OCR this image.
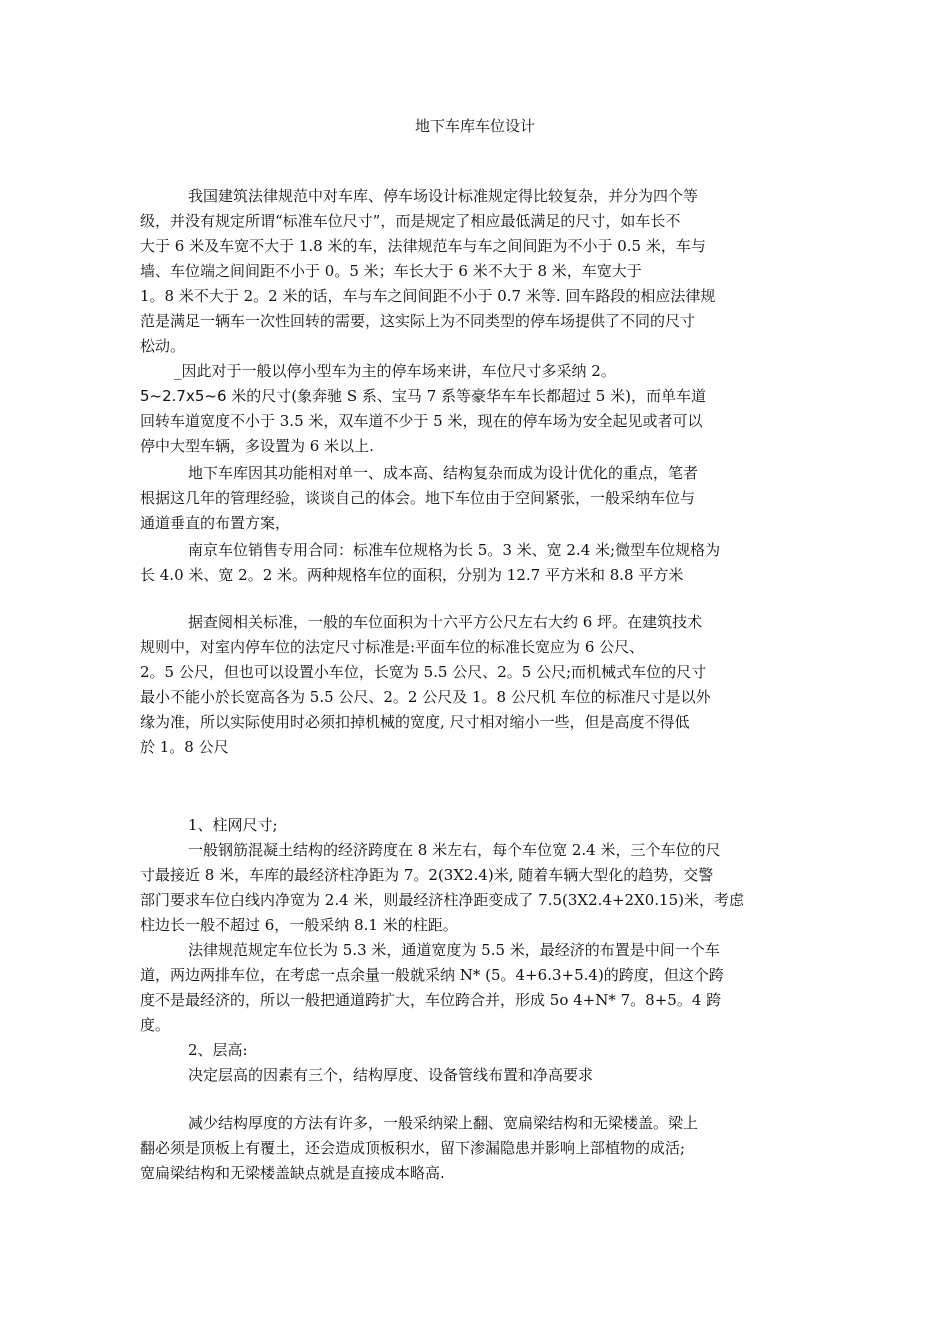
地下车库车位设计
我国建筑法律规范中对车库、停车场设计标准规定得比较复杂，并分为四个等
级，并没有规定所谓“标准车位尺寸”，而是规定了相应最低满足的尺寸，如车长不
大于 6 米及车宽不大于 1.8 米的车，法律规范车与车之间间距为不小于 0.5 米，车与
墙、车位端之间间距不小于 0。5 米；车长大于 6 米不大于 8 米，车宽大于
1。8 米不大于 2。2 米的话，车与车之间间距不小于 0.7 米等. 回车路段的相应法律规
范是满足一辆车一次性回转的需要，这实际上为不同类型的停车场提供了不同的尺寸
松动。
_因此对于一般以停小型车为主的停车场来讲，车位尺寸多采纳 2。
5~2.7x5~6 米的尺寸(象奔驰 S 系、宝马 7 系等豪华车车长都超过 5 米)，而单车道
回转车道宽度不小于 3.5 米，双车道不少于 5 米，现在的停车场为安全起见或者可以
停中大型车辆，多设置为 6 米以上.
地下车库因其功能相对单一、成本高、结构复杂而成为设计优化的重点，笔者
根据这几年的管理经验，谈谈自己的体会。地下车位由于空间紧张，一般采纳车位与
通道垂直的布置方案，
南京车位销售专用合同：标准车位规格为长 5。3 米、宽 2.4 米;微型车位规格为
长 4.0 米、宽 2。2 米。两种规格车位的面积，分别为 12.7 平方米和 8.8 平方米
据查阅相关标准，一般的车位面积为十六平方公尺左右大约 6 坪。在建筑技术
规则中，对室内停车位的法定尺寸标准是:平面车位的标准长宽应为 6 公尺、
2。5 公尺，但也可以设置小车位，长宽为 5.5 公尺、2。5 公尺;而机械式车位的尺寸
最小不能小於长宽高各为 5.5 公尺、2。2 公尺及 1。8 公尺机 车位的标准尺寸是以外
缘为准，所以实际使用时必须扣掉机械的宽度, 尺寸相对缩小一些，但是高度不得低
於 1。8 公尺
1、柱网尺寸;
一般钢筋混凝土结构的经济跨度在 8 米左右，每个车位宽 2.4 米，三个车位的尺
寸最接近 8 米，车库的最经济柱净距为 7。2(3X2.4)米, 随着车辆大型化的趋势，交警
部门要求车位白线内净宽为 2.4 米，则最经济柱净距变成了 7.5(3X2.4+2X0.15)米，考虑
柱边长一般不超过 6，一般采纳 8.1 米的柱距。
法律规范规定车位长为 5.3 米，通道宽度为 5.5 米，最经济的布置是中间一个车
道，两边两排车位，在考虑一点余量一般就采纳 N* (5。4+6.3+5.4)的跨度，但这个跨
度不是最经济的，所以一般把通道跨扩大，车位跨合并，形成 5o 4+N* 7。8+5。4 跨
度。
2、层高:
决定层高的因素有三个，结构厚度、设备管线布置和净高要求
减少结构厚度的方法有许多，一般采纳梁上翻、宽扁梁结构和无梁楼盖。梁上
翻必须是顶板上有覆土，还会造成顶板积水，留下渗漏隐患并影响上部植物的成活;
宽扁梁结构和无梁楼盖缺点就是直接成本略高.
